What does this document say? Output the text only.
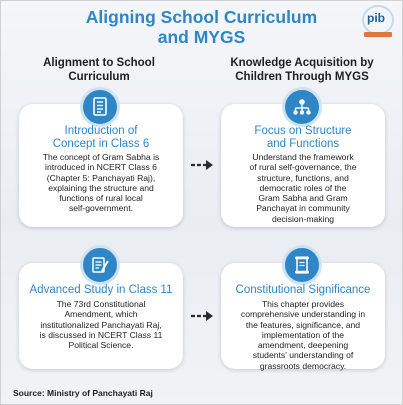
Aligning School Curriculum
and MYGS
pib
Alignment to School
Curriculum
Knowledge Acquisition by
Children Through MYGS
Introduction of
Concept in Class 6
The concept of Gram Sabha is
introduced in NCERT Class 6
(Chapter 5: Panchayati Raj),
explaining the structure and
functions of rural local
self-government.
Focus on Structure
and Functions
Understand the framework
of rural self-governance, the
structure, functions, and
democratic roles of the
Gram Sabha and Gram
Panchayat in community
decision-making
Advanced Study in Class 11
The 73rd Constitutional
Amendment, which
institutionalized Panchayati Raj,
is discussed in NCERT Class 11
Political Science.
Constitutional Significance
This chapter provides
comprehensive understanding in
the features, significance, and
implementation of the
amendment, deepening
students' understanding of
grassroots democracy.
Source: Ministry of Panchayati Raj
